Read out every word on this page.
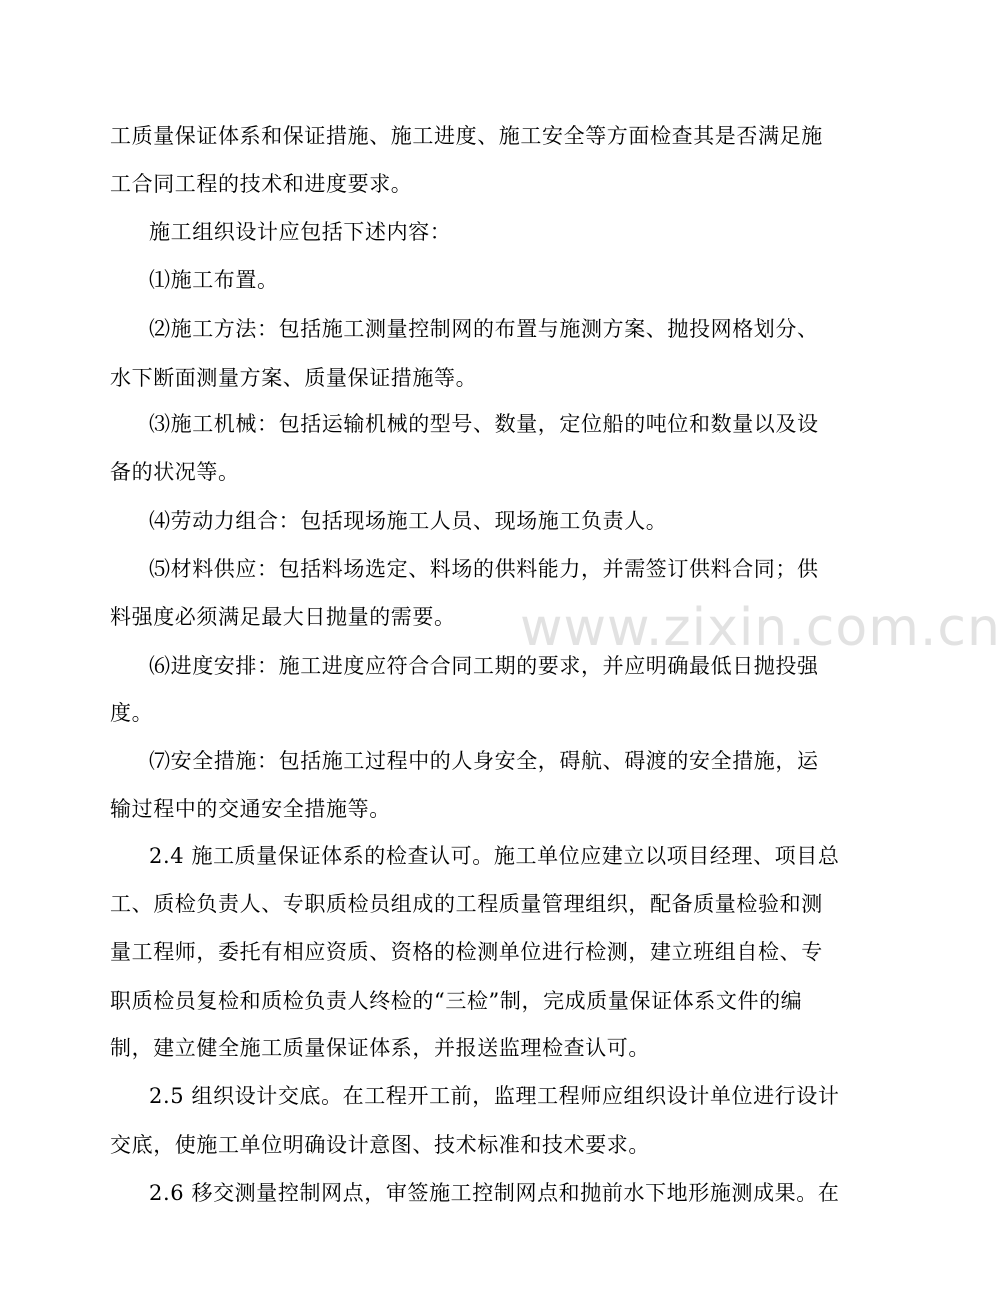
工质量保证体系和保证措施、施工进度、施工安全等方面检查其是否满足施
工合同工程的技术和进度要求。
施工组织设计应包括下述内容：
⑴施工布置。
⑵施工方法：包括施工测量控制网的布置与施测方案、抛投网格划分、
水下断面测量方案、质量保证措施等。
⑶施工机械：包括运输机械的型号、数量，定位船的吨位和数量以及设
备的状况等。
⑷劳动力组合：包括现场施工人员、现场施工负责人。
⑸材料供应：包括料场选定、料场的供料能力，并需签订供料合同；供
料强度必须满足最大日抛量的需要。
⑹进度安排：施工进度应符合合同工期的要求，并应明确最低日抛投强
度。
⑺安全措施：包括施工过程中的人身安全，碍航、碍渡的安全措施，运
输过程中的交通安全措施等。
2.4 施工质量保证体系的检查认可。施工单位应建立以项目经理、项目总
工、质检负责人、专职质检员组成的工程质量管理组织，配备质量检验和测
量工程师，委托有相应资质、资格的检测单位进行检测，建立班组自检、专
职质检员复检和质检负责人终检的“三检”制，完成质量保证体系文件的编
制，建立健全施工质量保证体系，并报送监理检查认可。
2.5 组织设计交底。在工程开工前，监理工程师应组织设计单位进行设计
交底，使施工单位明确设计意图、技术标准和技术要求。
2.6 移交测量控制网点，审签施工控制网点和抛前水下地形施测成果。在
www.zixin.com.cn
